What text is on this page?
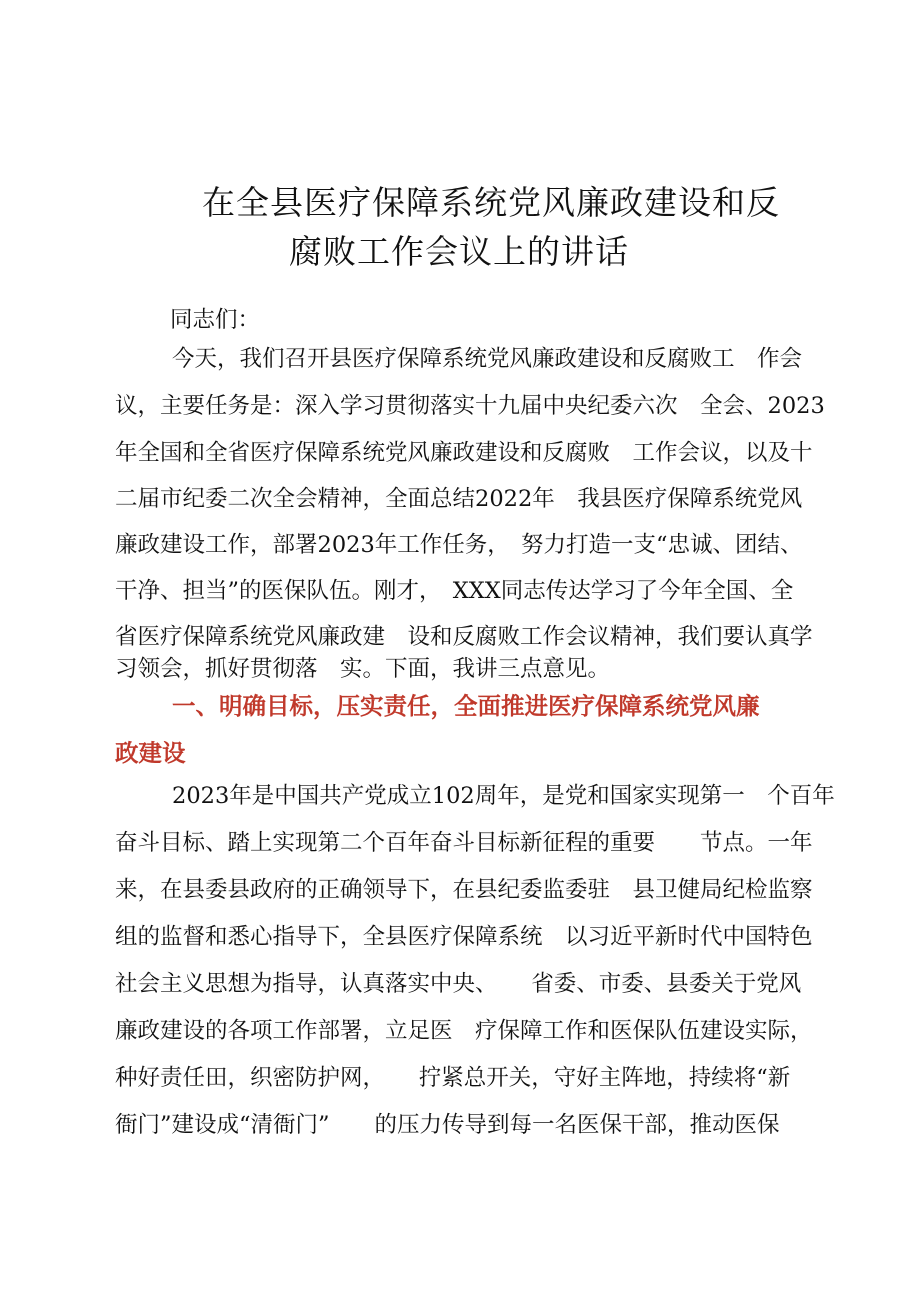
在全县医疗保障系统党风廉政建设和反
腐败工作会议上的讲话
同志们：
今天，我们召开县医疗保障系统党风廉政建设和反腐败工　作会
议，主要任务是：深入学习贯彻落实十九届中央纪委六次　全会、2023
年全国和全省医疗保障系统党风廉政建设和反腐败　工作会议，以及十
二届市纪委二次全会精神，全面总结2022年　我县医疗保障系统党风
廉政建设工作，部署2023年工作任务，　努力打造一支“忠诚、团结、
干净、担当”的医保队伍。刚才，　XXX同志传达学习了今年全国、全
省医疗保障系统党风廉政建　设和反腐败工作会议精神，我们要认真学
习领会，抓好贯彻落　实。下面，我讲三点意见。
一、明确目标，压实责任，全面推进医疗保障系统党风廉
政建设
2023年是中国共产党成立102周年，是党和国家实现第一　个百年
奋斗目标、踏上实现第二个百年奋斗目标新征程的重要　　节点。一年
来，在县委县政府的正确领导下，在县纪委监委驻　县卫健局纪检监察
组的监督和悉心指导下，全县医疗保障系统　以习近平新时代中国特色
社会主义思想为指导，认真落实中央、　　省委、市委、县委关于党风
廉政建设的各项工作部署，立足医　疗保障工作和医保队伍建设实际，
种好责任田，织密防护网，　　拧紧总开关，守好主阵地，持续将“新
衙门”建设成“清衙门”　　的压力传导到每一名医保干部，推动医保
